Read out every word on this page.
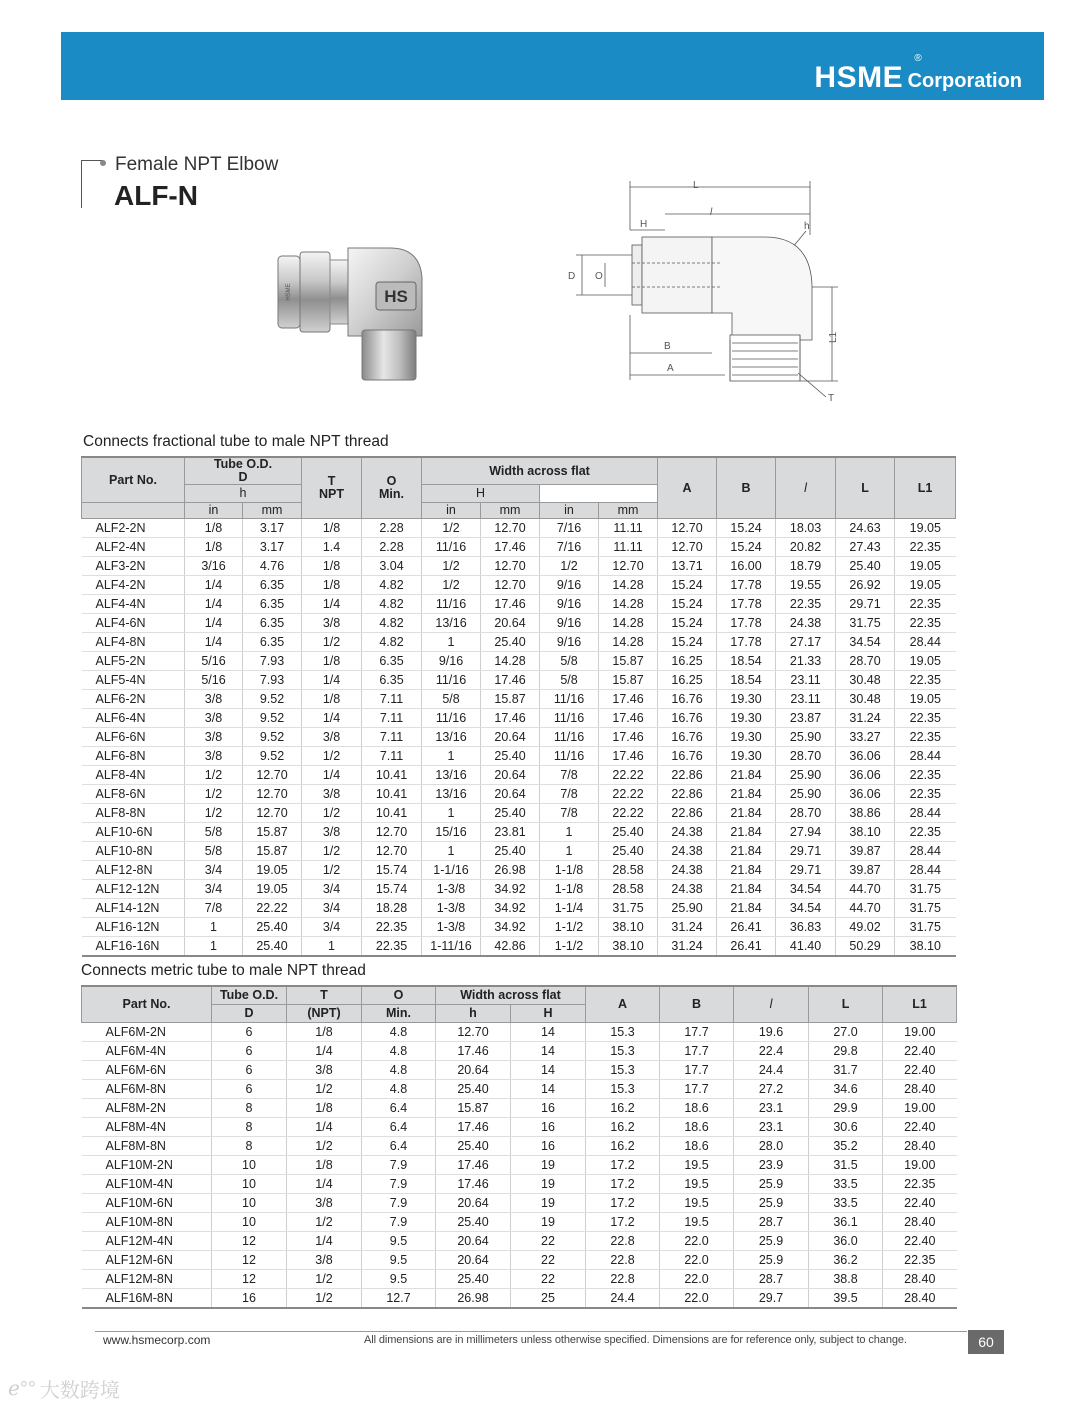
HSME
®
Corporation
Female NPT Elbow
ALF-N
HS
HSME
L
l
H	h
D O
B
A
L1
T
Connects fractional tube to male NPT thread
Part No.	Tube O.D.
D		T
NPT	O
Min.	Width across flat				A	B	l	L	L1
	h				H								
	in	mm			in	mm	in	mm					
ALF2-2N	1/8	3.17	1/8	2.28	1/2	12.70	7/16	11.11	12.70	15.24	18.03	24.63	19.05
ALF2-4N	1/8	3.17	1.4	2.28	11/16	17.46	7/16	11.11	12.70	15.24	20.82	27.43	22.35
ALF3-2N	3/16	4.76	1/8	3.04	1/2	12.70	1/2	12.70	13.71	16.00	18.79	25.40	19.05
ALF4-2N	1/4	6.35	1/8	4.82	1/2	12.70	9/16	14.28	15.24	17.78	19.55	26.92	19.05
ALF4-4N	1/4	6.35	1/4	4.82	11/16	17.46	9/16	14.28	15.24	17.78	22.35	29.71	22.35
ALF4-6N	1/4	6.35	3/8	4.82	13/16	20.64	9/16	14.28	15.24	17.78	24.38	31.75	22.35
ALF4-8N	1/4	6.35	1/2	4.82	1	25.40	9/16	14.28	15.24	17.78	27.17	34.54	28.44
ALF5-2N	5/16	7.93	1/8	6.35	9/16	14.28	5/8	15.87	16.25	18.54	21.33	28.70	19.05
ALF5-4N	5/16	7.93	1/4	6.35	11/16	17.46	5/8	15.87	16.25	18.54	23.11	30.48	22.35
ALF6-2N	3/8	9.52	1/8	7.11	5/8	15.87	11/16	17.46	16.76	19.30	23.11	30.48	19.05
ALF6-4N	3/8	9.52	1/4	7.11	11/16	17.46	11/16	17.46	16.76	19.30	23.87	31.24	22.35
ALF6-6N	3/8	9.52	3/8	7.11	13/16	20.64	11/16	17.46	16.76	19.30	25.90	33.27	22.35
ALF6-8N	3/8	9.52	1/2	7.11	1	25.40	11/16	17.46	16.76	19.30	28.70	36.06	28.44
ALF8-4N	1/2	12.70	1/4	10.41	13/16	20.64	7/8	22.22	22.86	21.84	25.90	36.06	22.35
ALF8-6N	1/2	12.70	3/8	10.41	13/16	20.64	7/8	22.22	22.86	21.84	25.90	36.06	22.35
ALF8-8N	1/2	12.70	1/2	10.41	1	25.40	7/8	22.22	22.86	21.84	28.70	38.86	28.44
ALF10-6N	5/8	15.87	3/8	12.70	15/16	23.81	1	25.40	24.38	21.84	27.94	38.10	22.35
ALF10-8N	5/8	15.87	1/2	12.70	1	25.40	1	25.40	24.38	21.84	29.71	39.87	28.44
ALF12-8N	3/4	19.05	1/2	15.74	1-1/16	26.98	1-1/8	28.58	24.38	21.84	29.71	39.87	28.44
ALF12-12N	3/4	19.05	3/4	15.74	1-3/8	34.92	1-1/8	28.58	24.38	21.84	34.54	44.70	31.75
ALF14-12N	7/8	22.22	3/4	18.28	1-3/8	34.92	1-1/4	31.75	25.90	21.84	34.54	44.70	31.75
ALF16-12N	1	25.40	3/4	22.35	1-3/8	34.92	1-1/2	38.10	31.24	26.41	36.83	49.02	31.75
ALF16-16N	1	25.40	1	22.35	1-11/16	42.86	1-1/2	38.10	31.24	26.41	41.40	50.29	38.10
Connects metric tube to male NPT thread
Part No.	Tube O.D.	T	O	Width across flat		A	B	l	L	L1
	D	(NPT)	Min.	h	H					
ALF6M-2N	6	1/8	4.8	12.70	14	15.3	17.7	19.6	27.0	19.00
ALF6M-4N	6	1/4	4.8	17.46	14	15.3	17.7	22.4	29.8	22.40
ALF6M-6N	6	3/8	4.8	20.64	14	15.3	17.7	24.4	31.7	22.40
ALF6M-8N	6	1/2	4.8	25.40	14	15.3	17.7	27.2	34.6	28.40
ALF8M-2N	8	1/8	6.4	15.87	16	16.2	18.6	23.1	29.9	19.00
ALF8M-4N	8	1/4	6.4	17.46	16	16.2	18.6	23.1	30.6	22.40
ALF8M-8N	8	1/2	6.4	25.40	16	16.2	18.6	28.0	35.2	28.40
ALF10M-2N	10	1/8	7.9	17.46	19	17.2	19.5	23.9	31.5	19.00
ALF10M-4N	10	1/4	7.9	17.46	19	17.2	19.5	25.9	33.5	22.35
ALF10M-6N	10	3/8	7.9	20.64	19	17.2	19.5	25.9	33.5	22.40
ALF10M-8N	10	1/2	7.9	25.40	19	17.2	19.5	28.7	36.1	28.40
ALF12M-4N	12	1/4	9.5	20.64	22	22.8	22.0	25.9	36.0	22.40
ALF12M-6N	12	3/8	9.5	20.64	22	22.8	22.0	25.9	36.2	22.35
ALF12M-8N	12	1/2	9.5	25.40	22	22.8	22.0	28.7	38.8	28.40
ALF16M-8N	16	1/2	12.7	26.98	25	24.4	22.0	29.7	39.5	28.40
www.hsmecorp.com	All dimensions are in millimeters unless otherwise specified. Dimensions are for reference only, subject to change.	60
ℯ°° 大数跨境
